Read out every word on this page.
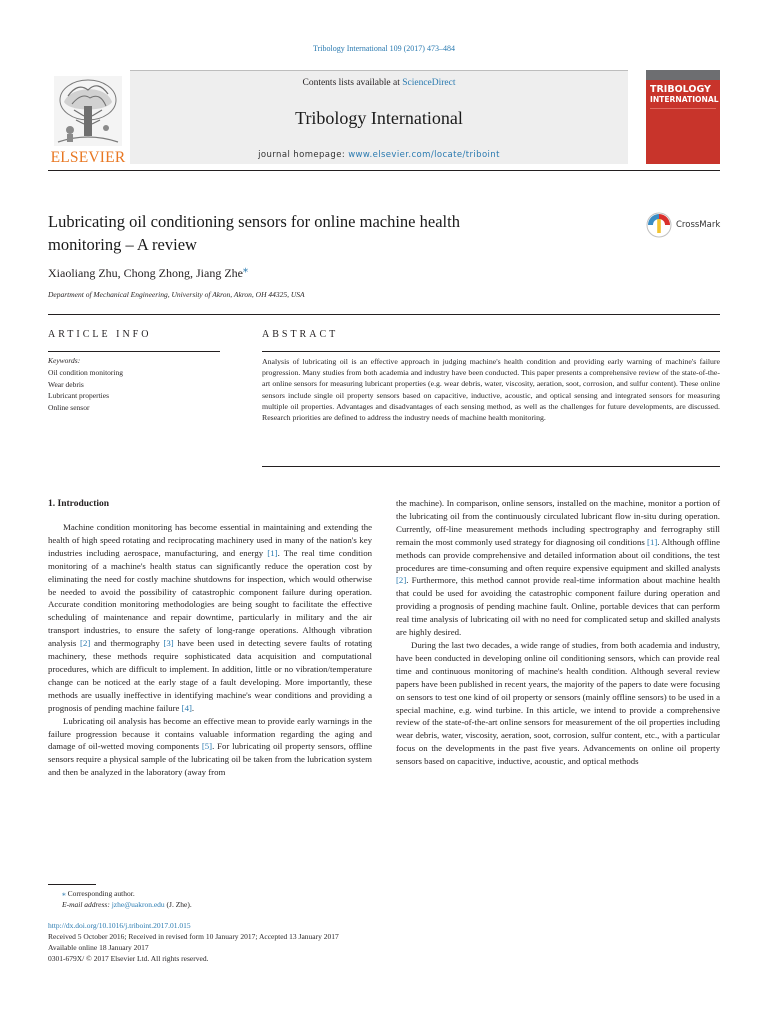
Tribology International 109 (2017) 473–484
Contents lists available at ScienceDirect
Tribology International
journal homepage: www.elsevier.com/locate/triboint
ELSEVIER
TRIBOLOGY
INTERNATIONAL
Lubricating oil conditioning sensors for online machine health
monitoring – A review
CrossMark
Xiaoliang Zhu, Chong Zhong, Jiang Zhe⁎
Department of Mechanical Engineering, University of Akron, Akron, OH 44325, USA
ARTICLE INFO	ABSTRACT
Keywords:
Oil condition monitoring
Wear debris
Lubricant properties
Online sensor
Analysis of lubricating oil is an effective approach in judging machine's health condition and providing early warning of machine's failure progression. Many studies from both academia and industry have been conducted. This paper presents a comprehensive review of the state-of-the-art online sensors for measuring lubricant properties (e.g. wear debris, water, viscosity, aeration, soot, corrosion, and sulfur content). These online sensors include single oil property sensors based on capacitive, inductive, acoustic, and optical sensing and integrated sensors for measuring multiple oil properties. Advantages and disadvantages of each sensing method, as well as the challenges for future developments, are discussed. Research priorities are defined to address the industry needs of machine health monitoring.
1. Introduction

Machine condition monitoring has become essential in maintaining and extending the health of high speed rotating and reciprocating machinery used in many of the nation's key industries including aerospace, manufacturing, and energy [1]. The real time condition monitoring of a machine's health status can significantly reduce the operation cost by eliminating the need for costly machine shutdowns for inspection, which would otherwise be needed to avoid the possibility of catastrophic component failure during operation. Accurate condition monitoring methodologies are being sought to facilitate the effective scheduling of maintenance and repair downtime, particularly in military and the air transport industries, to ensure the safety of long-range operations. Although vibration analysis [2] and thermography [3] have been used in detecting severe faults of rotating machinery, these methods require sophisticated data acquisition and computational procedures, which are difficult to implement. In addition, little or no vibration/temperature change can be noticed at the early stage of a fault developing. More importantly, these methods are usually ineffective in identifying machine's wear conditions and providing a prognosis of pending machine failure [4].

Lubricating oil analysis has become an effective mean to provide early warnings in the failure progression because it contains valuable information regarding the aging and damage of oil-wetted moving components [5]. For lubricating oil property sensors, offline sensors require a physical sample of the lubricating oil be taken from the lubrication system and then be analyzed in the laboratory (away from

the machine). In comparison, online sensors, installed on the machine, monitor a portion of the lubricating oil from the continuously circulated lubricant flow in-situ during operation. Currently, off-line measurement methods including spectrography and ferrography still remain the most commonly used strategy for diagnosing oil conditions [1]. Although offline methods can provide comprehensive and detailed information about oil conditions, the test procedures are time-consuming and often require expensive equipment and skilled analysts [2]. Furthermore, this method cannot provide real-time information about machine health that could be used for avoiding the catastrophic component failure during operation and providing a prognosis of pending machine fault. Online, portable devices that can perform real time analysis of lubricating oil with no need for complicated setup and skilled analysts are highly desired.

During the last two decades, a wide range of studies, from both academia and industry, have been conducted in developing online oil conditioning sensors, which can provide real time and continuous monitoring of machine's health condition. Although several review papers have been published in recent years, the majority of the papers to date were focusing on sensors to test one kind of oil property or sensors (mainly offline sensors) to be used in a special machine, e.g. wind turbine. In this article, we intend to provide a comprehensive review of the state-of-the-art online sensors for measurement of the oil properties including wear debris, water, viscosity, aeration, soot, corrosion, sulfur content, etc., with a particular focus on the developments in the past five years. Advancements on online oil property sensors based on capacitive, inductive, acoustic, and optical methods

⁎ Corresponding author.
E-mail address: jzhe@uakron.edu (J. Zhe).
http://dx.doi.org/10.1016/j.triboint.2017.01.015
Received 5 October 2016; Received in revised form 10 January 2017; Accepted 13 January 2017
Available online 18 January 2017
0301-679X/ © 2017 Elsevier Ltd. All rights reserved.
